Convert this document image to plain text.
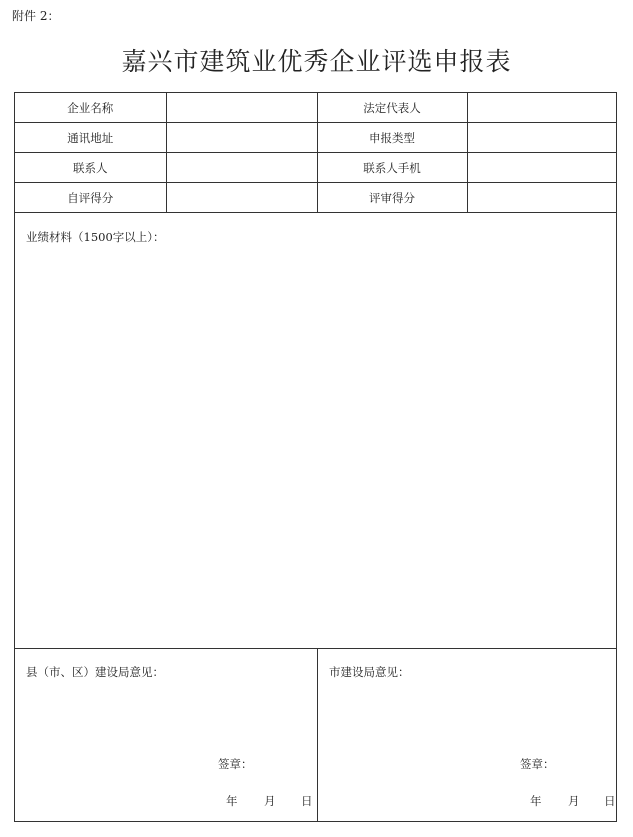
附件 2：
嘉兴市建筑业优秀企业评选申报表
企业名称		法定代表人	
通讯地址		申报类型	
联系人		联系人手机	
自评得分		评审得分	
业绩材料（1500字以上）：
县（市、区）建设局意见：
签章：
年 月 日
市建设局意见：
签章：
年 月 日
